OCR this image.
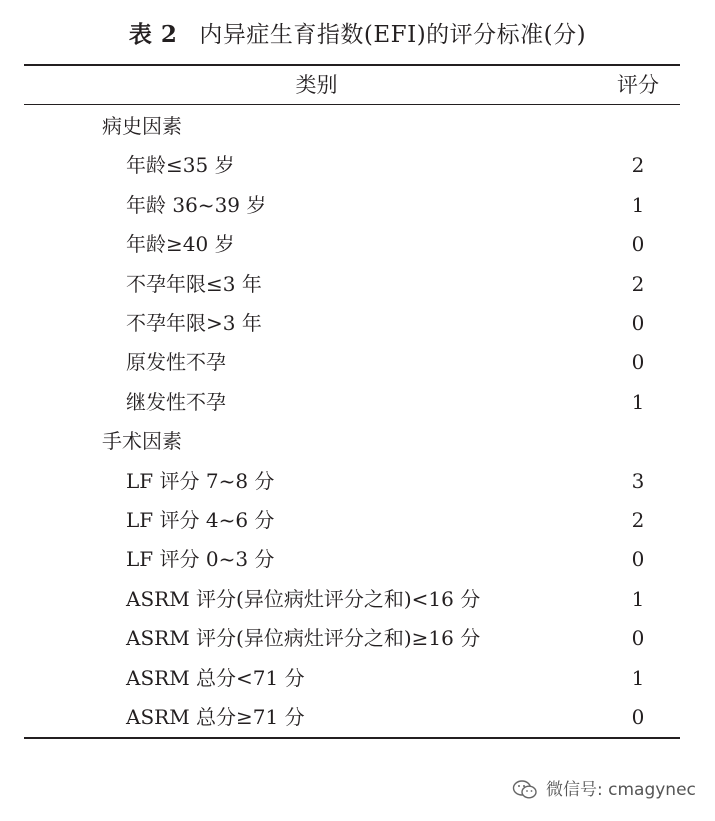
表 2 内异症生育指数(EFI)的评分标准(分)
类别	评分
病史因素
年龄≤35 岁	2
年龄 36~39 岁	1
年龄≥40 岁	0
不孕年限≤3 年	2
不孕年限>3 年	0
原发性不孕	0
继发性不孕	1
手术因素
LF 评分 7~8 分	3
LF 评分 4~6 分	2
LF 评分 0~3 分	0
ASRM 评分(异位病灶评分之和)<16 分	1
ASRM 评分(异位病灶评分之和)≥16 分	0
ASRM 总分<71 分	1
ASRM 总分≥71 分	0
微信号: cmagynec
